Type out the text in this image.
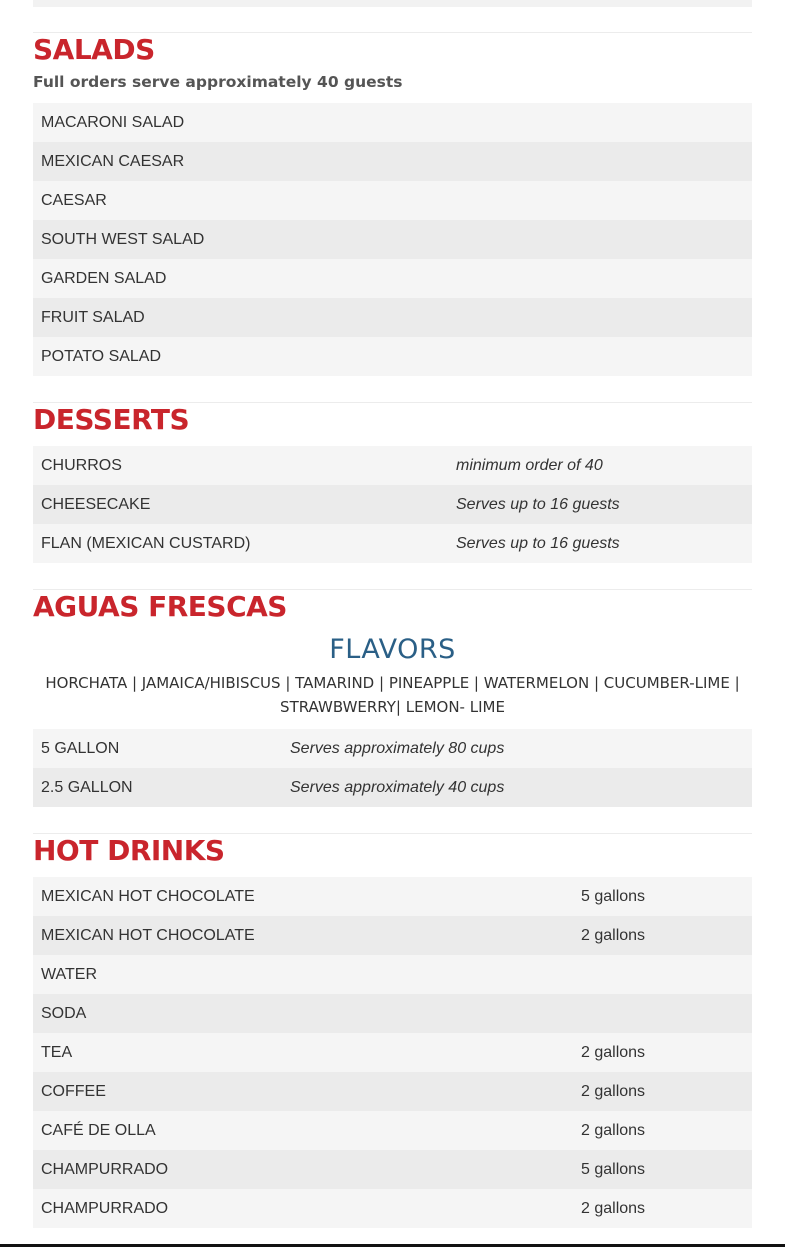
SALADS
Full orders serve approximately 40 guests
MACARONI SALAD
MEXICAN CAESAR
CAESAR
SOUTH WEST SALAD
GARDEN SALAD
FRUIT SALAD
POTATO SALAD
DESSERTS
CHURROS	minimum order of 40
CHEESECAKE	Serves up to 16 guests
FLAN (MEXICAN CUSTARD)	Serves up to 16 guests
AGUAS FRESCAS
FLAVORS
HORCHATA | JAMAICA/HIBISCUS | TAMARIND | PINEAPPLE | WATERMELON | CUCUMBER-LIME |
STRAWBWERRY| LEMON- LIME
5 GALLON	Serves approximately 80 cups
2.5 GALLON	Serves approximately 40 cups
HOT DRINKS
MEXICAN HOT CHOCOLATE	5 gallons
MEXICAN HOT CHOCOLATE	2 gallons
WATER	
SODA	
TEA	2 gallons
COFFEE	2 gallons
CAFÉ DE OLLA	2 gallons
CHAMPURRADO	5 gallons
CHAMPURRADO	2 gallons
